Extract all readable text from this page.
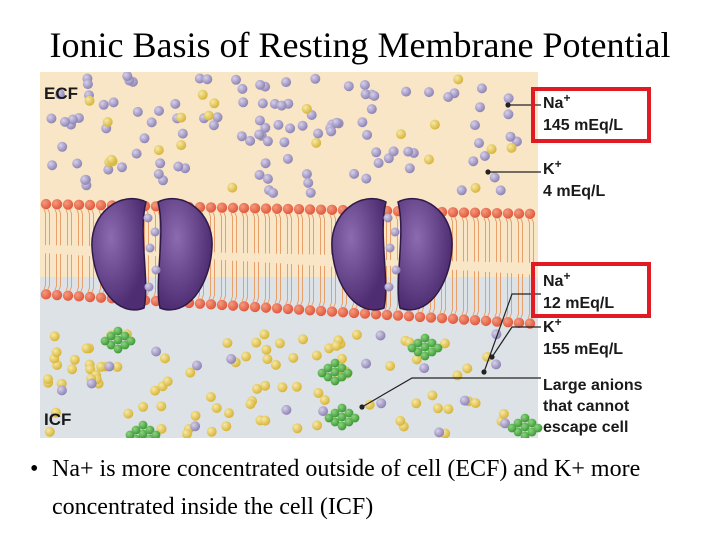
Ionic Basis of Resting Membrane Potential
ECF
ICF
Na+
145 mEq/L
K+
4 mEq/L
Na+
12 mEq/L
K+
155 mEq/L
Large anions
that cannot
escape cell
• Na+ is more concentrated outside of cell (ECF) and K+ more concentrated inside the cell (ICF)
